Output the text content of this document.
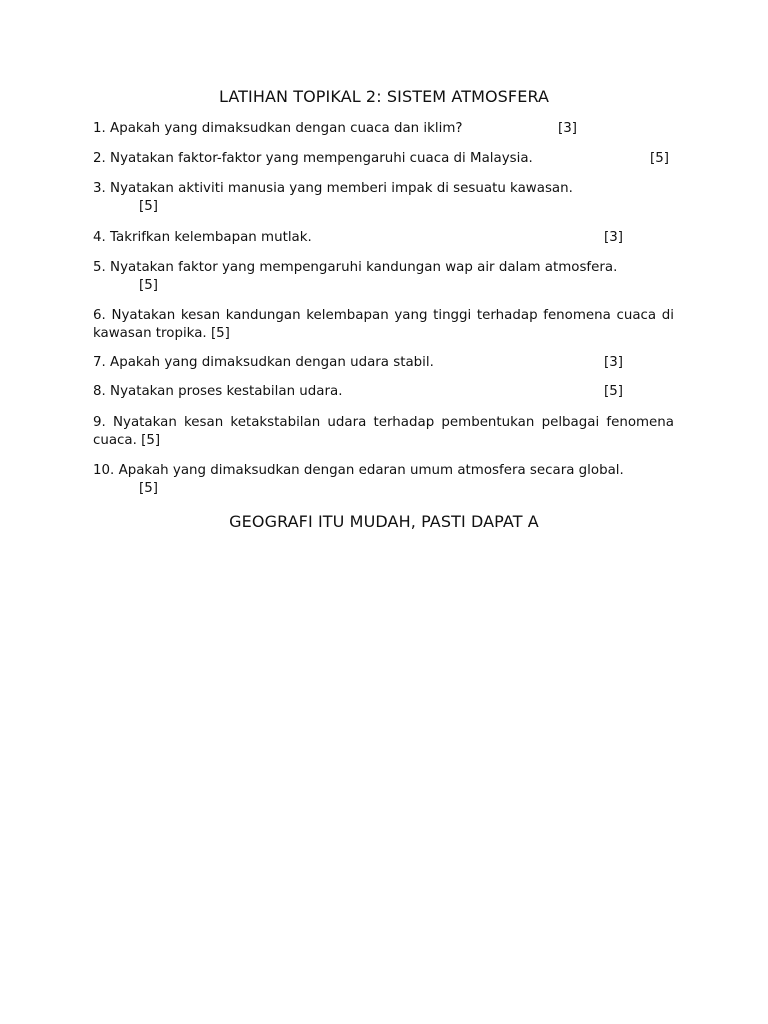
LATIHAN TOPIKAL 2: SISTEM ATMOSFERA

1. Apakah yang dimaksudkan dengan cuaca dan iklim?	[3]

2. Nyatakan faktor-faktor yang mempengaruhi cuaca di Malaysia.	[5]

3. Nyatakan aktiviti manusia yang memberi impak di sesuatu kawasan.
[5]

4. Takrifkan kelembapan mutlak.	[3]

5. Nyatakan faktor yang mempengaruhi kandungan wap air dalam atmosfera.
[5]

6. Nyatakan kesan kandungan kelembapan yang tinggi terhadap fenomena cuaca di kawasan tropika. [5]

7. Apakah yang dimaksudkan dengan udara stabil.	[3]

8. Nyatakan proses kestabilan udara.	[5]

9. Nyatakan kesan ketakstabilan udara terhadap pembentukan pelbagai fenomena cuaca. [5]

10. Apakah yang dimaksudkan dengan edaran umum atmosfera secara global.
[5]

GEOGRAFI ITU MUDAH, PASTI DAPAT A
